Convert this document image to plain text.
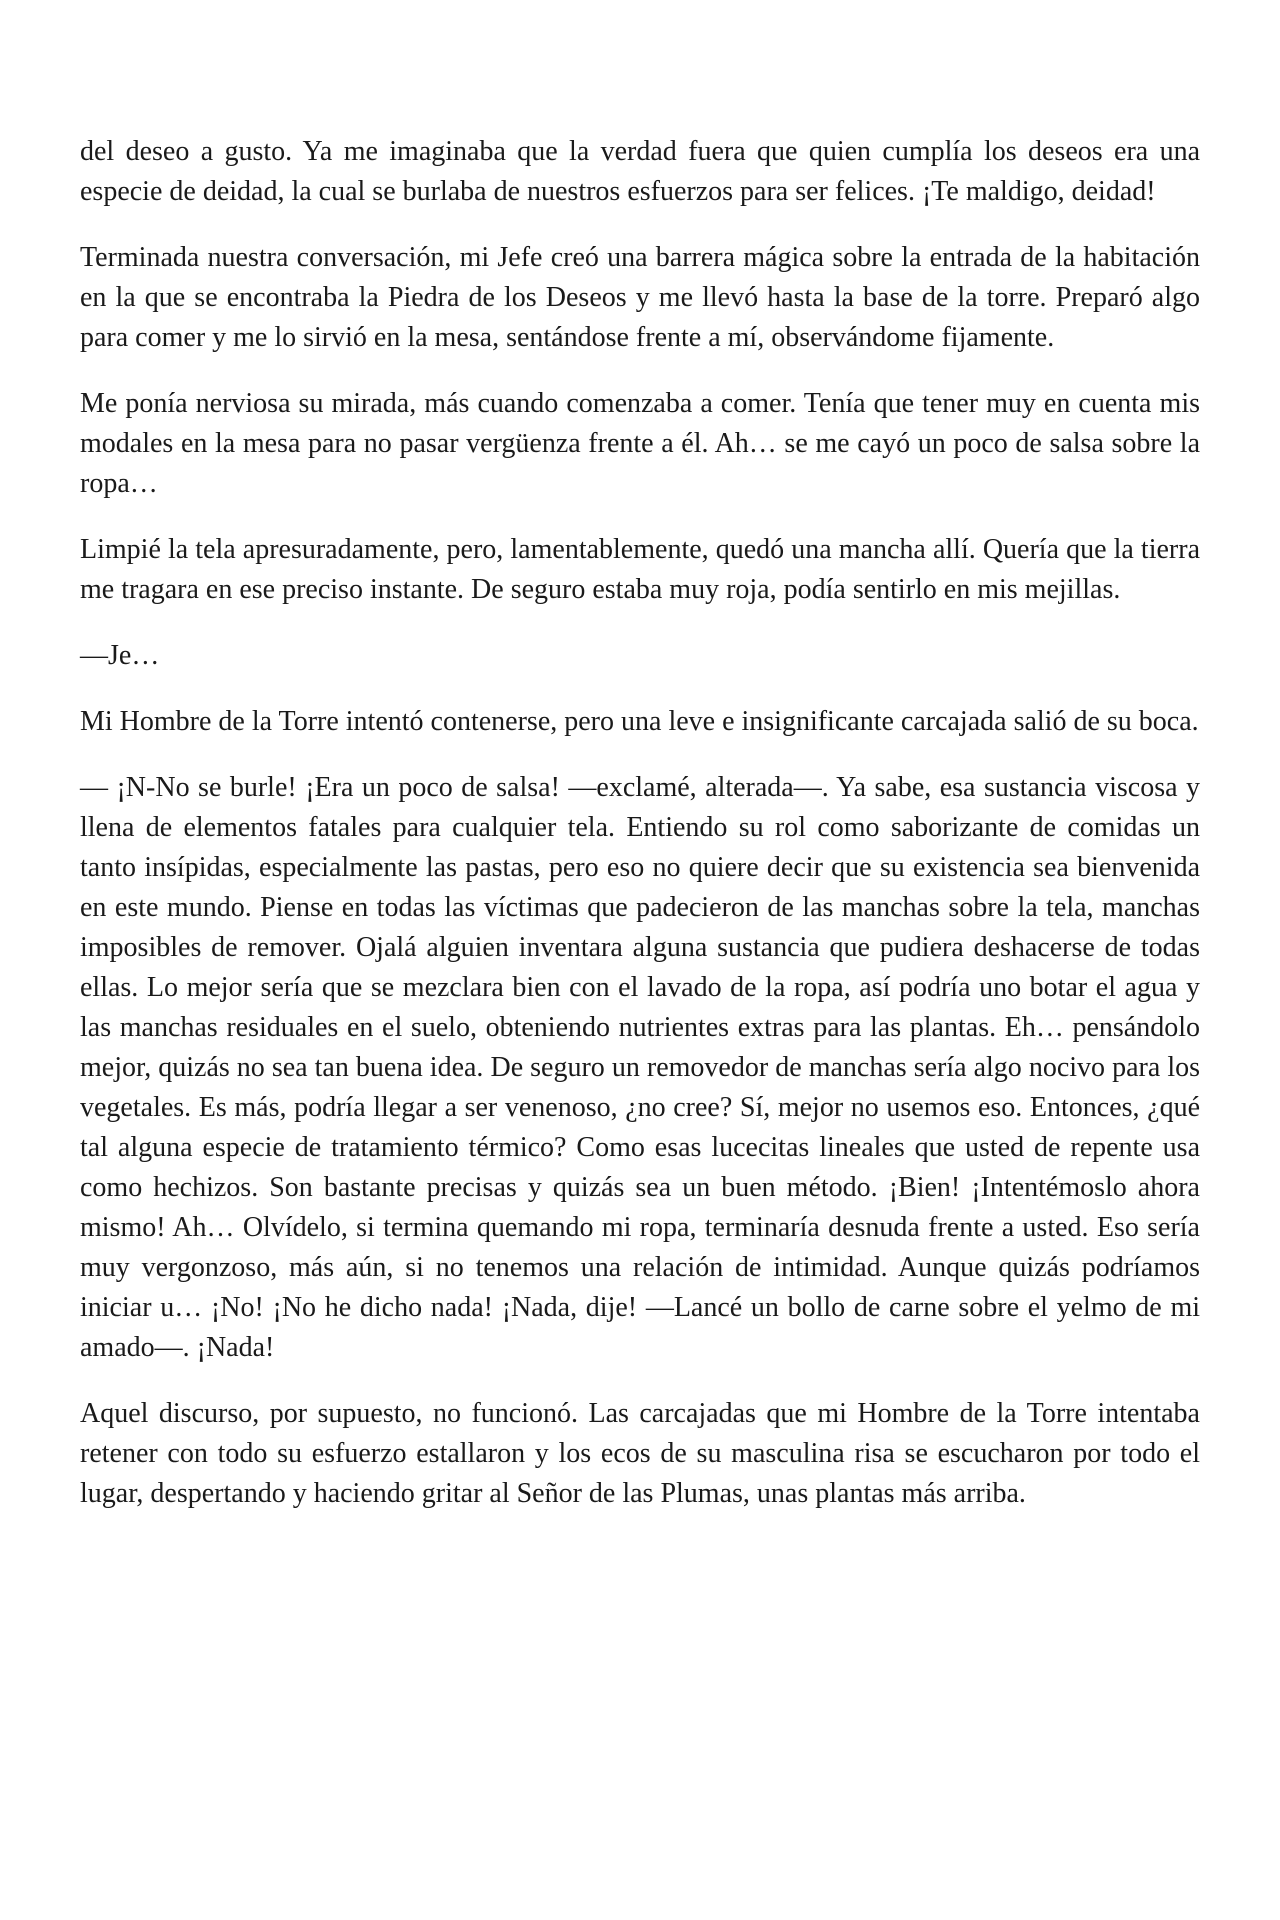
del deseo a gusto. Ya me imaginaba que la verdad fuera que quien cumplía los deseos era una especie de deidad, la cual se burlaba de nuestros esfuerzos para ser felices. ¡Te maldigo, deidad!

Terminada nuestra conversación, mi Jefe creó una barrera mágica sobre la entrada de la habitación en la que se encontraba la Piedra de los Deseos y me llevó hasta la base de la torre. Preparó algo para comer y me lo sirvió en la mesa, sentándose frente a mí, observándome fijamente.

Me ponía nerviosa su mirada, más cuando comenzaba a comer. Tenía que tener muy en cuenta mis modales en la mesa para no pasar vergüenza frente a él. Ah… se me cayó un poco de salsa sobre la ropa…

Limpié la tela apresuradamente, pero, lamentablemente, quedó una mancha allí. Quería que la tierra me tragara en ese preciso instante. De seguro estaba muy roja, podía sentirlo en mis mejillas.

—Je…

Mi Hombre de la Torre intentó contenerse, pero una leve e insignificante carcajada salió de su boca.

— ¡N-No se burle! ¡Era un poco de salsa! —exclamé, alterada—. Ya sabe, esa sustancia viscosa y llena de elementos fatales para cualquier tela. Entiendo su rol como saborizante de comidas un tanto insípidas, especialmente las pastas, pero eso no quiere decir que su existencia sea bienvenida en este mundo. Piense en todas las víctimas que padecieron de las manchas sobre la tela, manchas imposibles de remover. Ojalá alguien inventara alguna sustancia que pudiera deshacerse de todas ellas. Lo mejor sería que se mezclara bien con el lavado de la ropa, así podría uno botar el agua y las manchas residuales en el suelo, obteniendo nutrientes extras para las plantas. Eh… pensándolo mejor, quizás no sea tan buena idea. De seguro un removedor de manchas sería algo nocivo para los vegetales. Es más, podría llegar a ser venenoso, ¿no cree? Sí, mejor no usemos eso. Entonces, ¿qué tal alguna especie de tratamiento térmico? Como esas lucecitas lineales que usted de repente usa como hechizos. Son bastante precisas y quizás sea un buen método. ¡Bien! ¡Intentémoslo ahora mismo! Ah… Olvídelo, si termina quemando mi ropa, terminaría desnuda frente a usted. Eso sería muy vergonzoso, más aún, si no tenemos una relación de intimidad. Aunque quizás podríamos iniciar u… ¡No! ¡No he dicho nada! ¡Nada, dije! —Lancé un bollo de carne sobre el yelmo de mi amado—. ¡Nada!

Aquel discurso, por supuesto, no funcionó. Las carcajadas que mi Hombre de la Torre intentaba retener con todo su esfuerzo estallaron y los ecos de su masculina risa se escucharon por todo el lugar, despertando y haciendo gritar al Señor de las Plumas, unas plantas más arriba.
